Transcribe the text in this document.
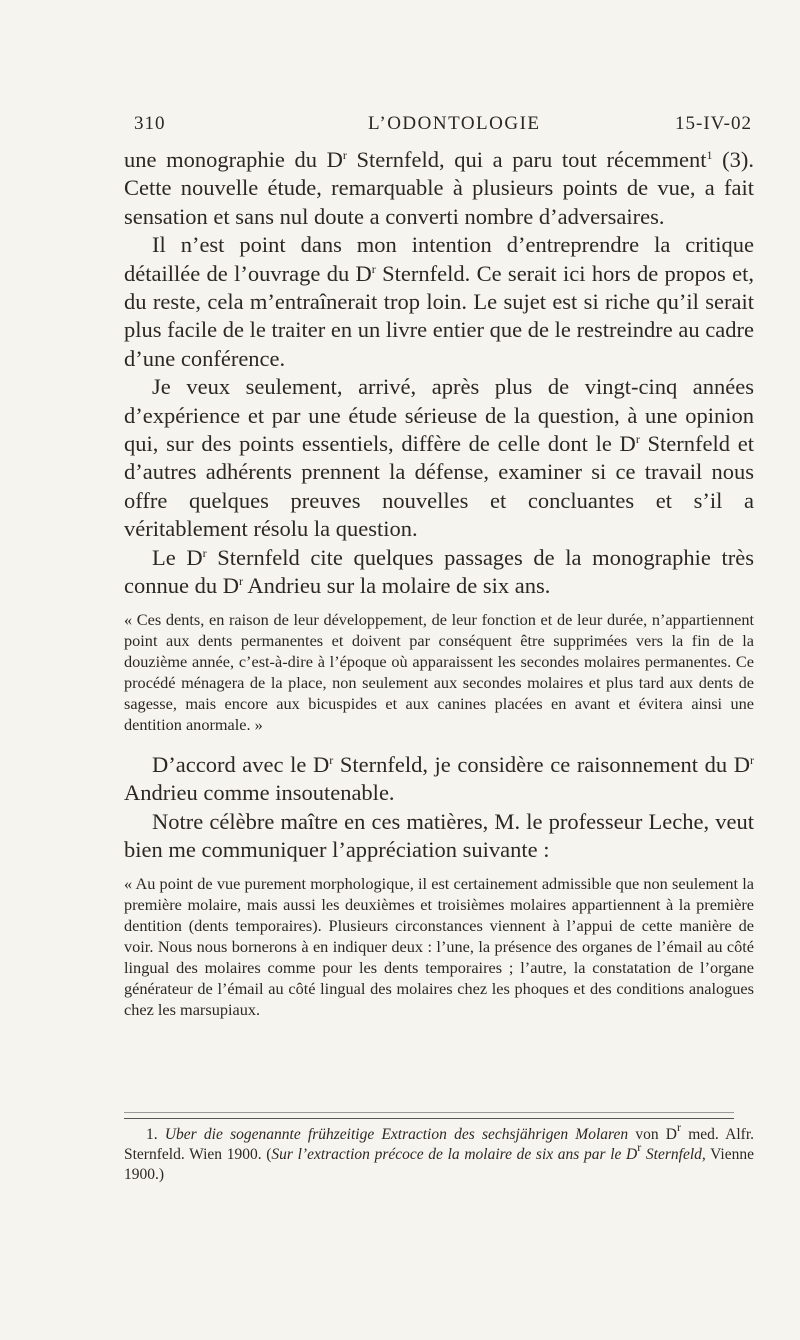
310	L’ODONTOLOGIE	15-IV-02

une monographie du $D^r$ Sternfeld, qui a paru tout récemment$^1$ (3). Cette nouvelle étude, remarquable à plusieurs points de vue, a fait sensation et sans nul doute a converti nombre d’adversaires.

Il n’est point dans mon intention d’entreprendre la critique détaillée de l’ouvrage du $D^r$ Sternfeld. Ce serait ici hors de propos et, du reste, cela m’entraînerait trop loin. Le sujet est si riche qu’il serait plus facile de le traiter en un livre entier que de le restreindre au cadre d’une conférence.

Je veux seulement, arrivé, après plus de vingt-cinq années d’expérience et par une étude sérieuse de la question, à une opinion qui, sur des points essentiels, diffère de celle dont le $D^r$ Sternfeld et d’autres adhérents prennent la défense, examiner si ce travail nous offre quelques preuves nouvelles et concluantes et s’il a véritablement résolu la question.

Le $D^r$ Sternfeld cite quelques passages de la monographie très connue du $D^r$ Andrieu sur la molaire de six ans.

« Ces dents, en raison de leur développement, de leur fonction et de leur durée, n’appartiennent point aux dents permanentes et doivent par conséquent être supprimées vers la fin de la douzième année, c’est-à-dire à l’époque où apparaissent les secondes molaires permanentes. Ce procédé ménagera de la place, non seulement aux secondes molaires et plus tard aux dents de sagesse, mais encore aux bicuspides et aux canines placées en avant et évitera ainsi une dentition anormale. »

D’accord avec le $D^r$ Sternfeld, je considère ce raisonnement du $D^r$ Andrieu comme insoutenable.

Notre célèbre maître en ces matières, M. le professeur Leche, veut bien me communiquer l’appréciation suivante :

« Au point de vue purement morphologique, il est certainement admissible que non seulement la première molaire, mais aussi les deuxièmes et troisièmes molaires appartiennent à la première dentition (dents temporaires). Plusieurs circonstances viennent à l’appui de cette manière de voir. Nous nous bornerons à en indiquer deux : l’une, la présence des organes de l’émail au côté lingual des molaires comme pour les dents temporaires ; l’autre, la constatation de l’organe générateur de l’émail au côté lingual des molaires chez les phoques et des conditions analogues chez les marsupiaux.

1. Uber die sogenannte frühzeitige Extraction des sechsjährigen Molaren von $D^r$ med. Alfr. Sternfeld. Wien 1900. (Sur l’extraction précoce de la molaire de six ans par le $D^r$ Sternfeld, Vienne 1900.)
